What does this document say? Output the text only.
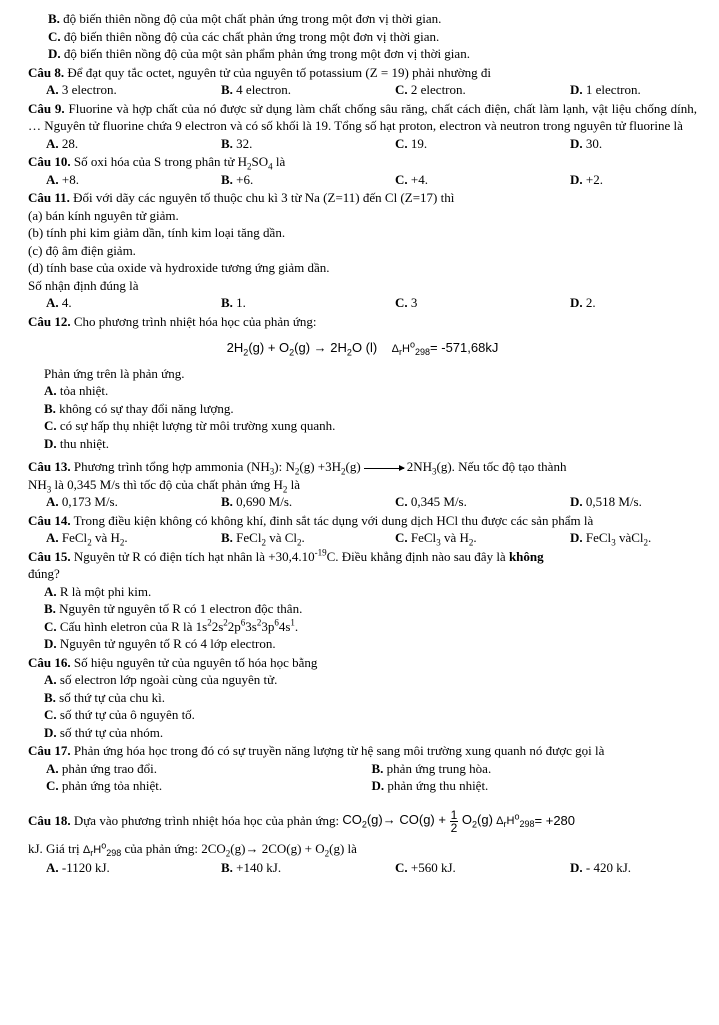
B. độ biến thiên nồng độ của một chất phản ứng trong một đơn vị thời gian.
C. độ biến thiên nồng độ của các chất phản ứng trong một đơn vị thời gian.
D. độ biến thiên nồng độ của một sản phẩm phản ứng trong một đơn vị thời gian.
Câu 8. Để đạt quy tắc octet, nguyên tử của nguyên tố potassium (Z = 19) phải nhường đi
A. 3 electron.	B. 4 electron.	C. 2 electron.	D. 1 electron.
Câu 9. Fluorine và hợp chất của nó được sử dụng làm chất chống sâu răng, chất cách điện, chất làm lạnh, vật liệu chống dính, … Nguyên tử fluorine chứa 9 electron và có số khối là 19. Tổng số hạt proton, electron và neutron trong nguyên tử fluorine là
A. 28.	B. 32.	C. 19.	D. 30.
Câu 10. Số oxi hóa của S trong phân tử $H_2SO_4$ là
A. +8.	B. +6.	C. +4.	D. +2.
Câu 11. Đối với dãy các nguyên tố thuộc chu kì 3 từ Na (Z=11) đến Cl (Z=17) thì
(a) bán kính nguyên tử giảm.
(b) tính phi kim giảm dần, tính kim loại tăng dần.
(c) độ âm điện giảm.
(d) tính base của oxide và hydroxide tương ứng giảm dần.
Số nhận định đúng là
A. 4.	B. 1.	C. 3	D. 2.
Câu 12. Cho phương trình nhiệt hóa học của phản ứng:
$2H_2(g) + O_2(g) \to 2H_2O$ (l) $\Delta_rH^o_{298}= -571,68kJ$
Phản ứng trên là phản ứng.
A. tỏa nhiệt.
B. không có sự thay đổi năng lượng.
C. có sự hấp thụ nhiệt lượng từ môi trường xung quanh.
D. thu nhiệt.
Câu 13. Phương trình tổng hợp ammonia $(NH_3)$: $N_2(g) +3H_2(g)$	$2NH_3(g)$. Nếu tốc độ tạo thành
$NH_3$ là 0,345 M/s thì tốc độ của chất phản ứng $H_2$ là
A. 0,173 M/s.	B. 0,690 M/s.	C. 0,345 M/s.	D. 0,518 M/s.
Câu 14. Trong điều kiện không có không khí, đinh sắt tác dụng với dung dịch HCl thu được các sản phẩm là
A. FeCl$_2$ và $H_2$.	B. FeCl$_2$ và $Cl_2$.	C. FeCl$_3$ và $H_2$.	D. FeCl$_3$ vàCl$_2$.
Câu 15. Nguyên tử R có điện tích hạt nhân là $+30,4.10^{-19}C$. Điều khẳng định nào sau đây là không
đúng?
A. R là một phi kim.
B. Nguyên tử nguyên tố R có 1 electron độc thân.
C. Cấu hình eletron của R là $1s^22s^22p^63s^23p^64s^1$.
D. Nguyên tử nguyên tố R có 4 lớp electron.
Câu 16. Số hiệu nguyên tử của nguyên tố hóa học bằng
A. số electron lớp ngoài cùng của nguyên tử.
B. số thứ tự của chu kì.
C. số thứ tự của ô nguyên tố.
D. số thứ tự của nhóm.
Câu 17. Phản ứng hóa học trong đó có sự truyền năng lượng từ hệ sang môi trường xung quanh nó được gọi là
A. phản ứng trao đổi.	B. phản ứng trung hòa.
C. phản ứng tỏa nhiệt.	D. phản ứng thu nhiệt.
Câu 18. Dựa vào phương trình nhiệt hóa học của phản ứng: $CO_2(g)\to CO(g) + \frac{1}{2} O_2(g)$ $\Delta_rH^o_{298}= +280$
kJ. Giá trị $\Delta_rH^o_{298}$ của phản ứng: $2CO_2(g)\to 2CO(g) + O_2(g)$ là
A. -1120 kJ.	B. +140 kJ.	C. +560 kJ.	D. - 420 kJ.
